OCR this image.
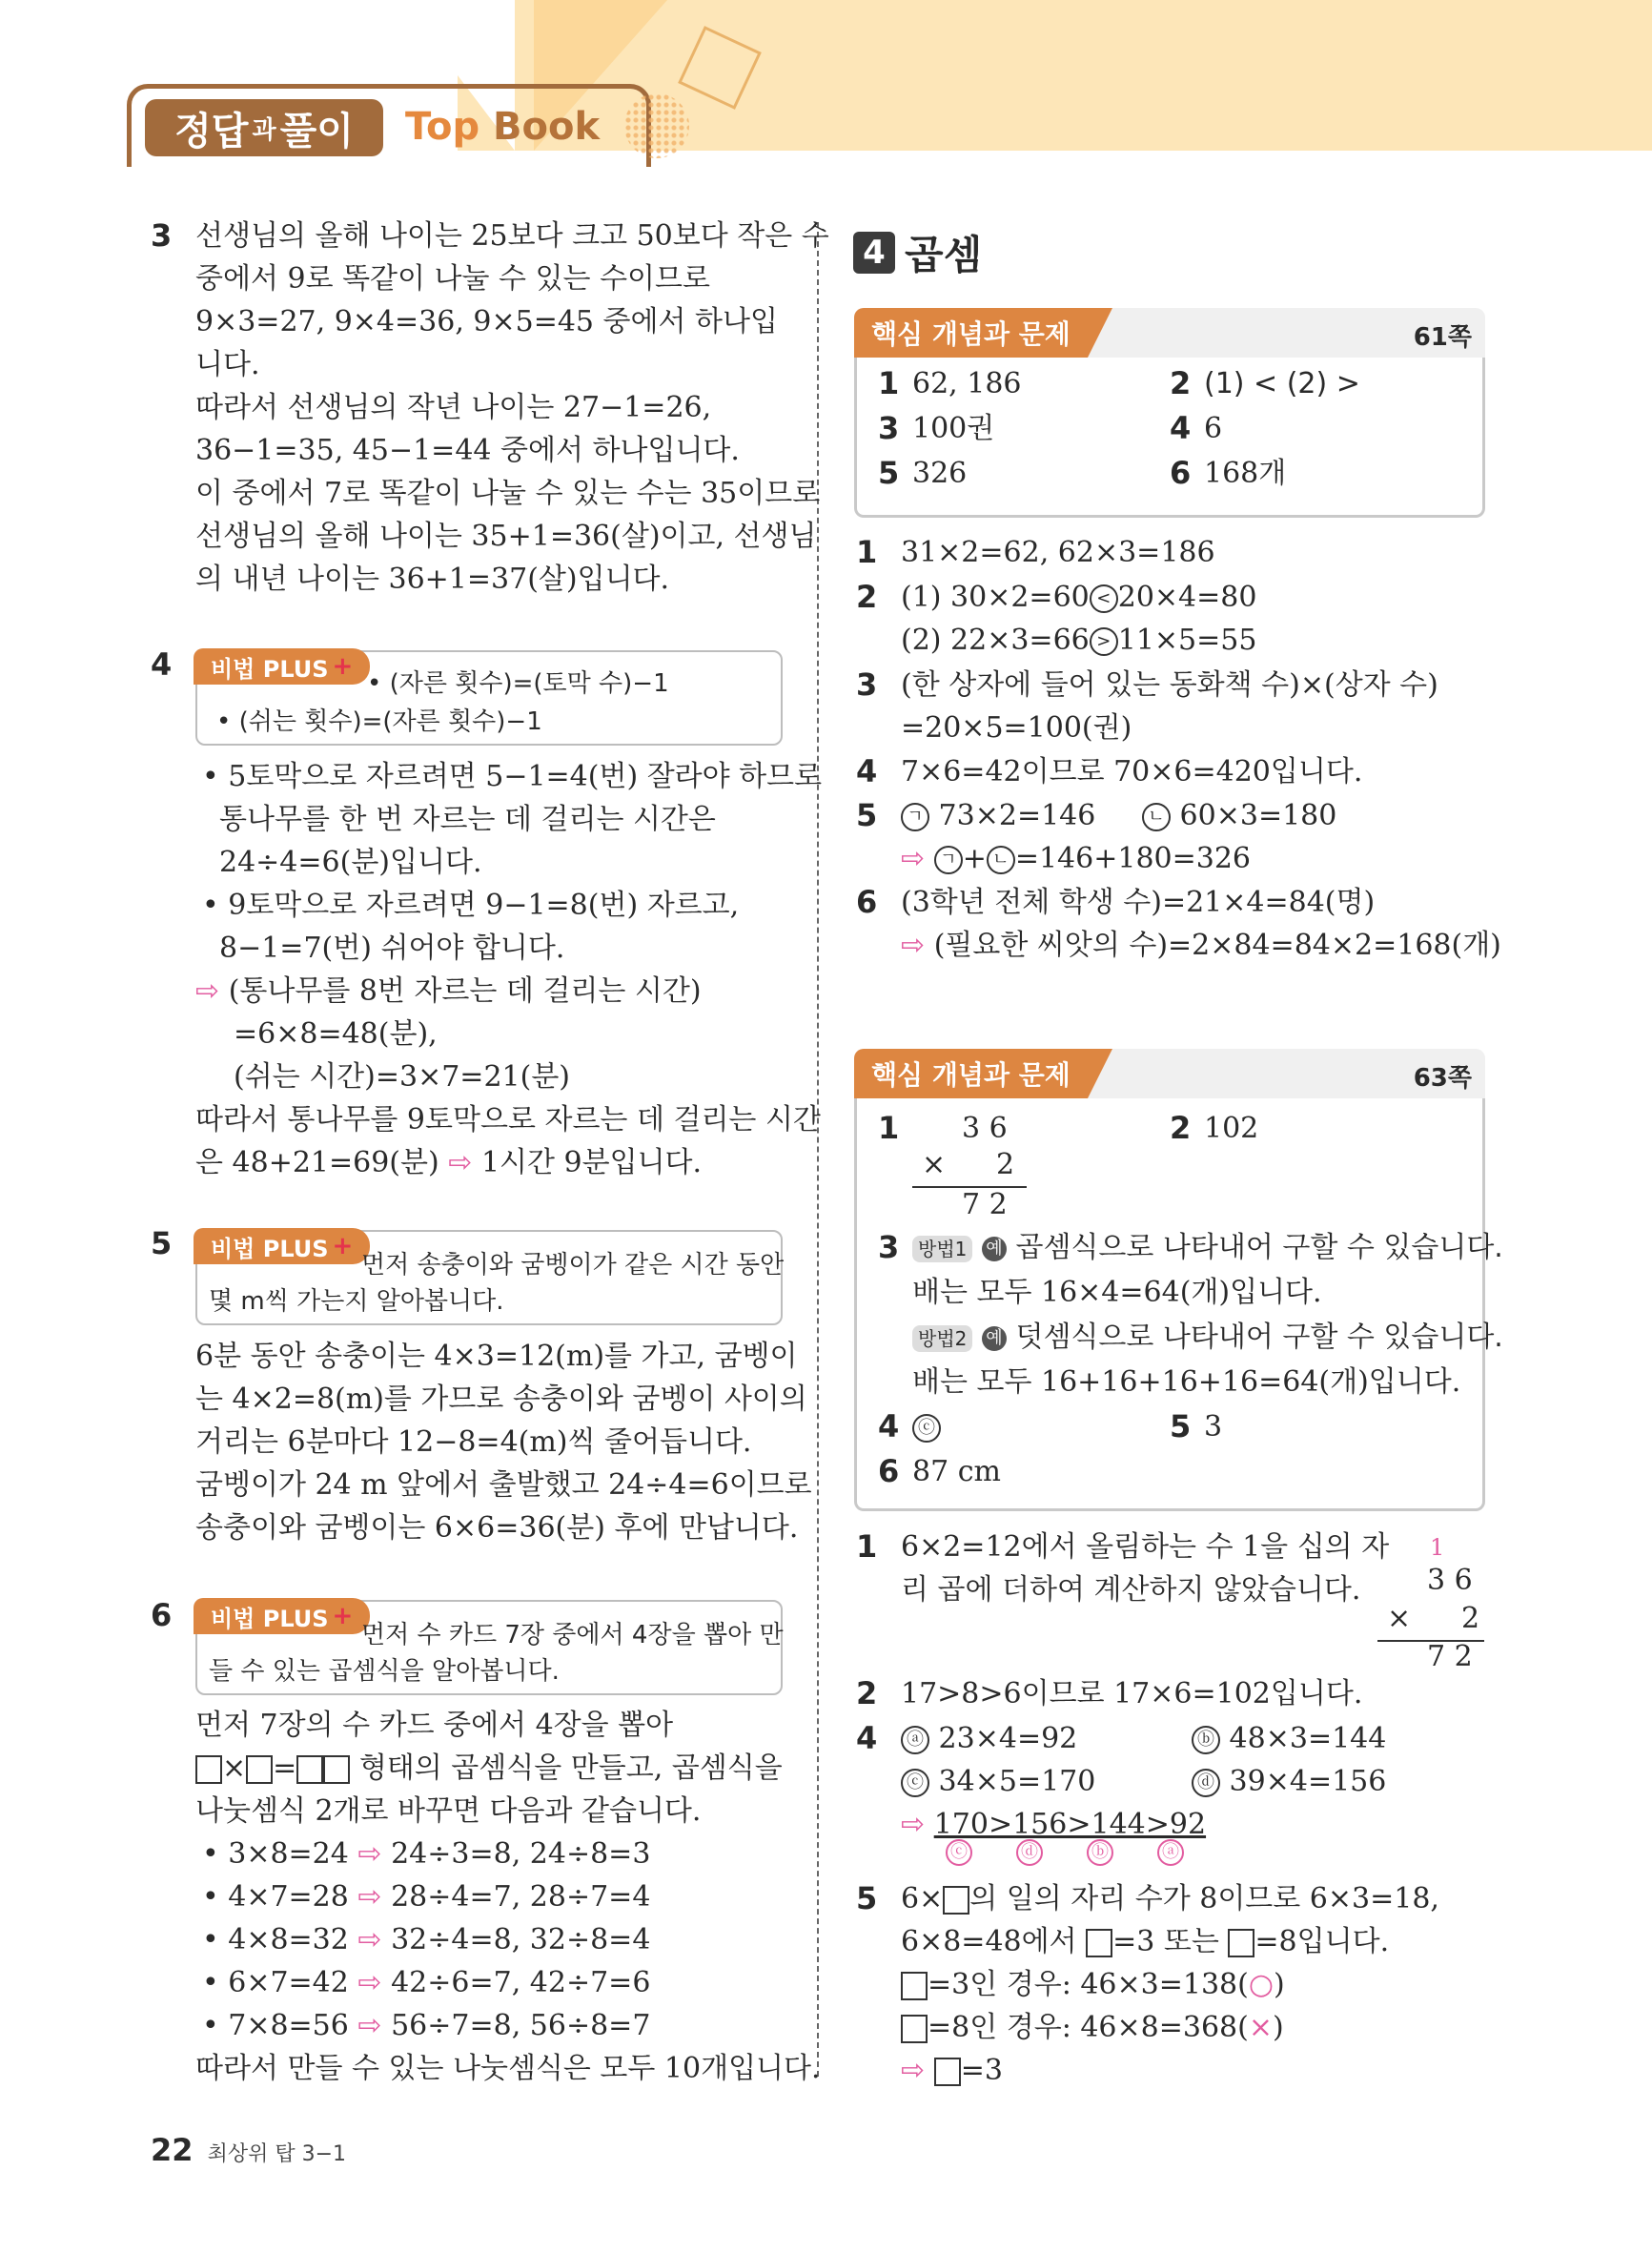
정답 과 풀이 Top Book
3 선생님의 올해 나이는 25보다 크고 50보다 작은 수
중에서 9로 똑같이 나눌 수 있는 수이므로
9×3=27, 9×4=36, 9×5=45 중에서 하나입
니다.
따라서 선생님의 작년 나이는 27−1=26,
36−1=35, 45−1=44 중에서 하나입니다.
이 중에서 7로 똑같이 나눌 수 있는 수는 35이므로
선생님의 올해 나이는 35+1=36(살)이고, 선생님
의 내년 나이는 36+1=37(살)입니다.
4 비법 PLUS +
• (자른 횟수)=(토막 수)−1
• (쉬는 횟수)=(자른 횟수)−1
• 5토막으로 자르려면 5−1=4(번) 잘라야 하므로
통나무를 한 번 자르는 데 걸리는 시간은
24÷4=6(분)입니다.
• 9토막으로 자르려면 9−1=8(번) 자르고,
8−1=7(번) 쉬어야 합니다.
⇨ (통나무를 8번 자르는 데 걸리는 시간)
=6×8=48(분),
(쉬는 시간)=3×7=21(분)
따라서 통나무를 9토막으로 자르는 데 걸리는 시간
은 48+21=69(분) ⇨ 1시간 9분입니다.
5 비법 PLUS +
먼저 송충이와 굼벵이가 같은 시간 동안
몇 m씩 가는지 알아봅니다.
6분 동안 송충이는 4×3=12(m)를 가고, 굼벵이
는 4×2=8(m)를 가므로 송충이와 굼벵이 사이의
거리는 6분마다 12−8=4(m)씩 줄어듭니다.
굼벵이가 24 m 앞에서 출발했고 24÷4=6이므로
송충이와 굼벵이는 6×6=36(분) 후에 만납니다.
6 비법 PLUS +
먼저 수 카드 7장 중에서 4장을 뽑아 만
들 수 있는 곱셈식을 알아봅니다.
먼저 7장의 수 카드 중에서 4장을 뽑아
× = 형태의 곱셈식을 만들고, 곱셈식을
나눗셈식 2개로 바꾸면 다음과 같습니다.
• 3×8=24 ⇨ 24÷3=8, 24÷8=3
• 4×7=28 ⇨ 28÷4=7, 28÷7=4
• 4×8=32 ⇨ 32÷4=8, 32÷8=4
• 6×7=42 ⇨ 42÷6=7, 42÷7=6
• 7×8=56 ⇨ 56÷7=8, 56÷8=7
따라서 만들 수 있는 나눗셈식은 모두 10개입니다.
4 곱셈
핵심 개념과 문제	61쪽
1 62, 186	2 (1) < (2) >
3 100권	4 6
5 326	6 168개
1 31×2=62, 62×3=186
2 (1) 30×2=60 < 20×4=80
(2) 22×3=66 > 11×5=55
3 (한 상자에 들어 있는 동화책 수)×(상자 수)
=20×5=100(권)
4 7×6=42이므로 70×6=420입니다.
5	ㄱ 73×2=146	ㄴ 60×3=180
⇨ ㄱ + ㄴ =146+180=326
6 (3학년 전체 학생 수)=21×4=84(명)
⇨ (필요한 씨앗의 수)=2×84=84×2=168(개)
핵심 개념과 문제	63쪽
1 3 6
× 2
7 2
2 102
3 방법1 예 곱셈식으로 나타내어 구할 수 있습니다.
배는 모두 16×4=64(개)입니다.
방법2 예 덧셈식으로 나타내어 구할 수 있습니다.
배는 모두 16+16+16+16=64(개)입니다.
4	ⓒ	5 3
6 87 cm
1 6×2=12에서 올림하는 수 1을 십의 자
리 곱에 더하여 계산하지 않았습니다.
1
3 6
× 2
7 2
2 17>8>6이므로 17×6=102입니다.
4	ⓐ 23×4=92	ⓑ 48×3=144
ⓒ 34×5=170	ⓓ 39×4=156
⇨ 170>156>144>92
ⓒ	ⓓ	ⓑ	ⓐ
5 6× 의 일의 자리 수가 8이므로 6×3=18,
6×8=48에서 =3 또는 =8입니다.
=3인 경우: 46×3=138(○)
=8인 경우: 46×8=368(×)
⇨ =3
22 최상위 탑 3−1
